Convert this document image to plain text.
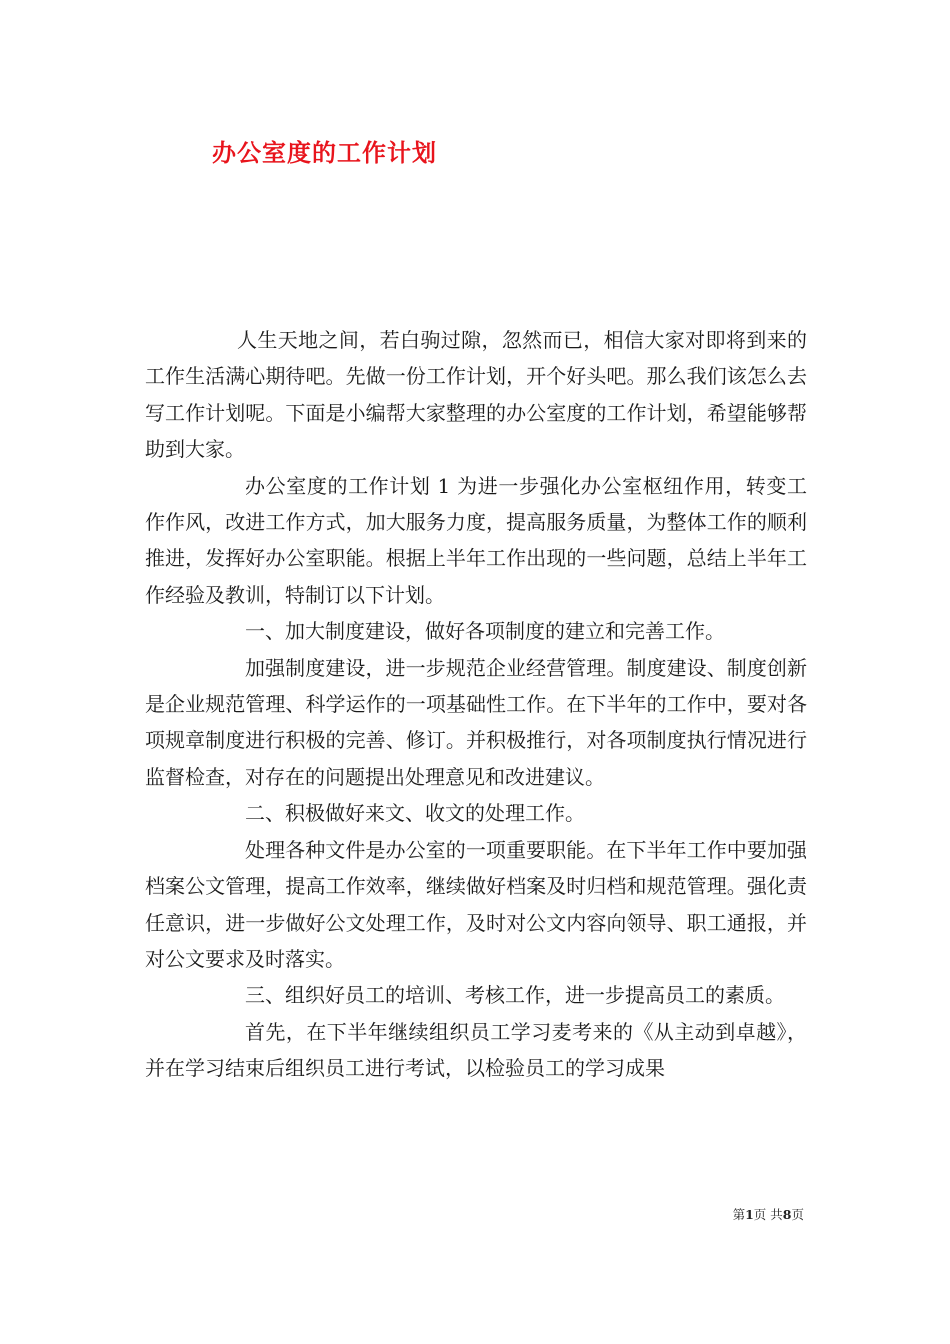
办公室度的工作计划

人生天地之间，若白驹过隙，忽然而已，相信大家对即将到来的工作生活满心期待吧。先做一份工作计划，开个好头吧。那么我们该怎么去写工作计划呢。下面是小编帮大家整理的办公室度的工作计划，希望能够帮助到大家。

办公室度的工作计划 1 为进一步强化办公室枢纽作用，转变工作作风，改进工作方式，加大服务力度，提高服务质量，为整体工作的顺利推进，发挥好办公室职能。根据上半年工作出现的一些问题，总结上半年工作经验及教训，特制订以下计划。

一、加大制度建设，做好各项制度的建立和完善工作。

加强制度建设，进一步规范企业经营管理。制度建设、制度创新是企业规范管理、科学运作的一项基础性工作。在下半年的工作中，要对各项规章制度进行积极的完善、修订。并积极推行，对各项制度执行情况进行监督检查，对存在的问题提出处理意见和改进建议。

二、积极做好来文、收文的处理工作。

处理各种文件是办公室的一项重要职能。在下半年工作中要加强档案公文管理，提高工作效率，继续做好档案及时归档和规范管理。强化责任意识，进一步做好公文处理工作，及时对公文内容向领导、职工通报，并对公文要求及时落实。

三、组织好员工的培训、考核工作，进一步提高员工的素质。

首先，在下半年继续组织员工学习麦考来的《从主动到卓越》，并在学习结束后组织员工进行考试，以检验员工的学习成果

第1页 共8页
